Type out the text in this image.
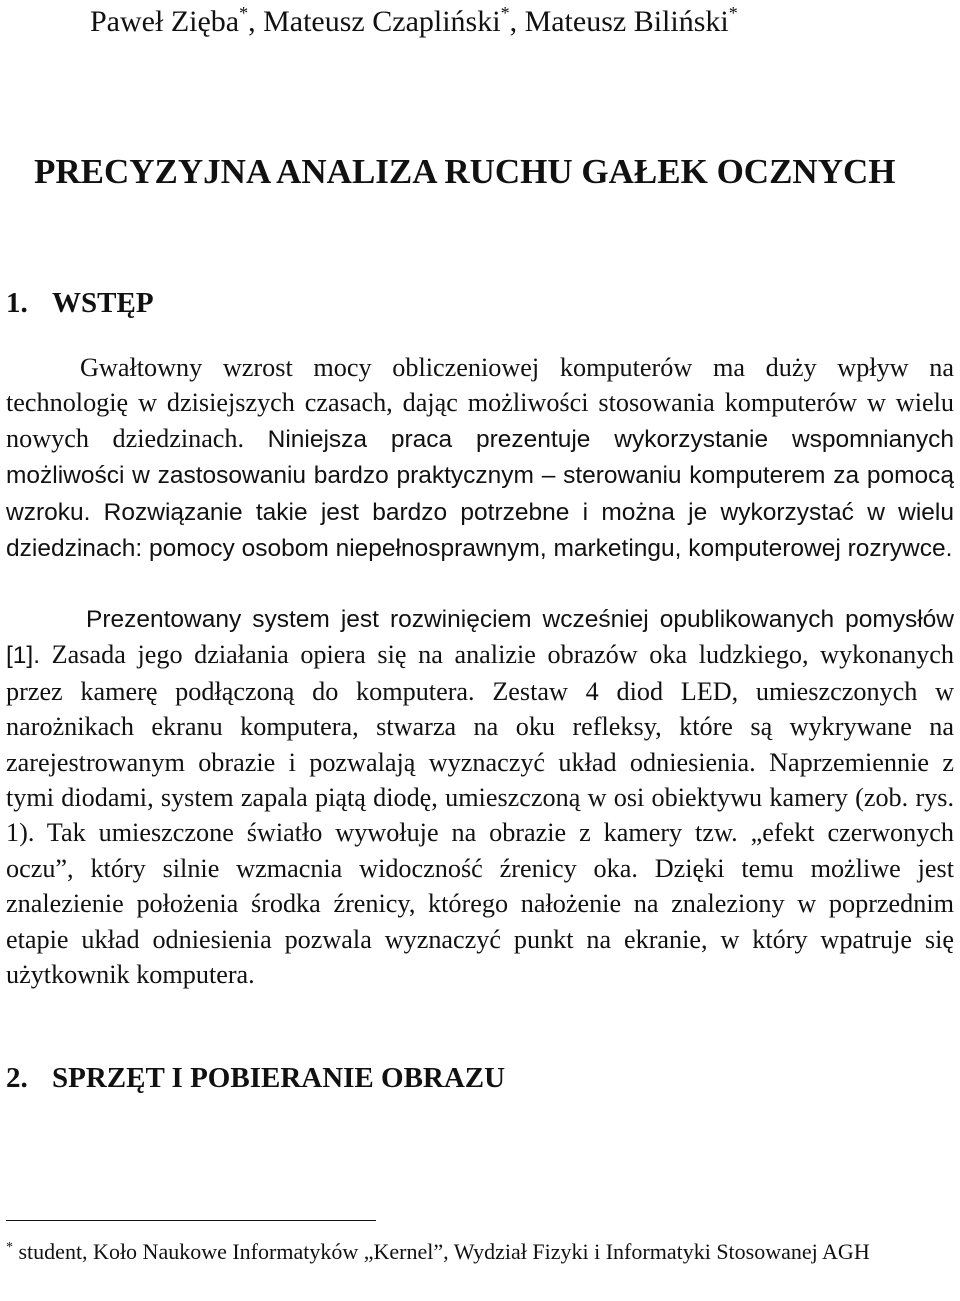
Paweł Zięba*, Mateusz Czapliński*, Mateusz Biliński*
PRECYZYJNA ANALIZA RUCHU GAŁEK OCZNYCH
1. WSTĘP

Gwałtowny wzrost mocy obliczeniowej komputerów ma duży wpływ na technologię w dzisiejszych czasach, dając możliwości stosowania komputerów w wielu nowych dziedzinach. Niniejsza praca prezentuje wykorzystanie wspomnianych możliwości w zastosowaniu bardzo praktycznym – sterowaniu komputerem za pomocą wzroku. Rozwiązanie takie jest bardzo potrzebne i można je wykorzystać w wielu dziedzinach: pomocy osobom niepełnosprawnym, marketingu, komputerowej rozrywce.

Prezentowany system jest rozwinięciem wcześniej opublikowanych pomysłów [1]. Zasada jego działania opiera się na analizie obrazów oka ludzkiego, wykonanych przez kamerę podłączoną do komputera. Zestaw 4 diod LED, umieszczonych w narożnikach ekranu komputera, stwarza na oku refleksy, które są wykrywane na zarejestrowanym obrazie i pozwalają wyznaczyć układ odniesienia. Naprzemiennie z tymi diodami, system zapala piątą diodę, umieszczoną w osi obiektywu kamery (zob. rys. 1). Tak umieszczone światło wywołuje na obrazie z kamery tzw. „efekt czerwonych oczu”, który silnie wzmacnia widoczność źrenicy oka. Dzięki temu możliwe jest znalezienie położenia środka źrenicy, którego nałożenie na znaleziony w poprzednim etapie układ odniesienia pozwala wyznaczyć punkt na ekranie, w który wpatruje się użytkownik komputera.

2. SPRZĘT I POBIERANIE OBRAZU

* student, Koło Naukowe Informatyków „Kernel”, Wydział Fizyki i Informatyki Stosowanej AGH
